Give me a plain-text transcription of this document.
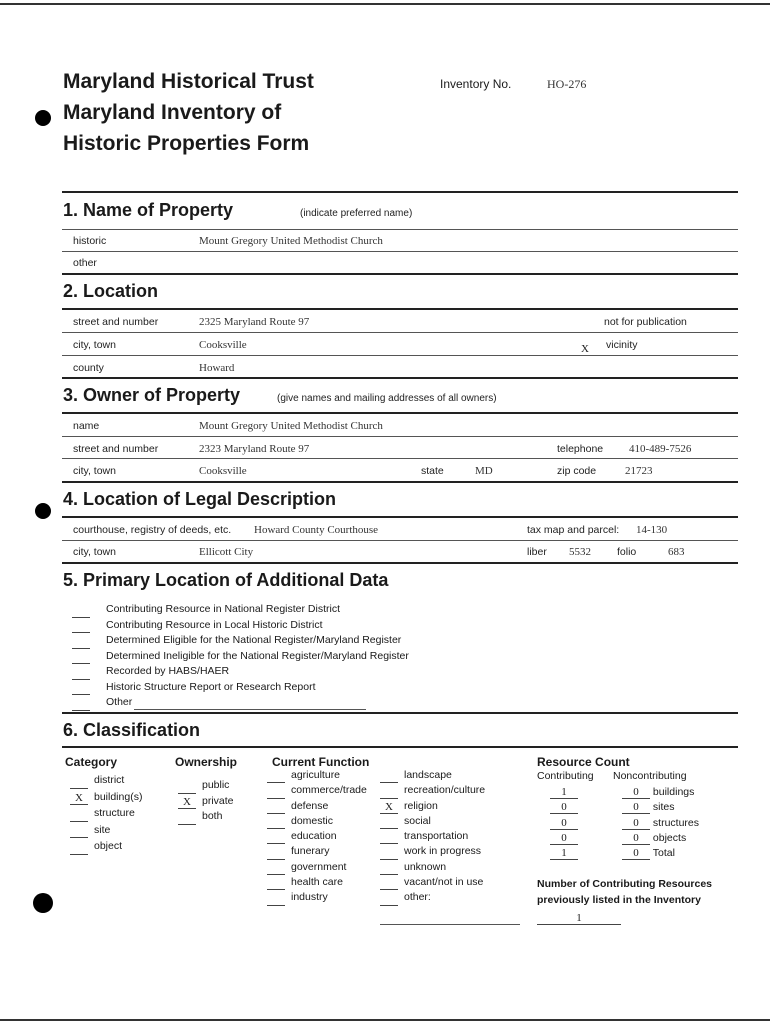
Maryland Historical Trust
Maryland Inventory of
Historic Properties Form
Inventory No.	HO-276
1. Name of Property	(indicate preferred name)
historic	Mount Gregory United Methodist Church
other
2. Location
street and number	2325 Maryland Route 97	not for publication
city, town	Cooksville	X	vicinity
county	Howard
3. Owner of Property	(give names and mailing addresses of all owners)
name	Mount Gregory United Methodist Church
street and number	2323 Maryland Route 97	telephone 410-489-7526
city, town	Cooksville	state	MD	zip code	21723
4. Location of Legal Description
courthouse, registry of deeds, etc. Howard County Courthouse	tax map and parcel: 14-130
city, town	Ellicott City	liber 5532 folio	683
5. Primary Location of Additional Data
Contributing Resource in National Register District
Contributing Resource in Local Historic District
Determined Eligible for the National Register/Maryland Register
Determined Ineligible for the National Register/Maryland Register
Recorded by HABS/HAER
Historic Structure Report or Research Report
Other
6. Classification
Category
district
X building(s)
structure
site
object
Ownership
public
X private
both
Current Function
agriculture
commerce/trade
defense
domestic
education
funerary
government
health care
industry
landscape
recreation/culture
X religion
social
transportation
work in progress
unknown
vacant/not in use
other:
Resource Count
Contributing Noncontributing
1	0 buildings
0	0 sites
0	0 structures
0	0 objects
1	0 Total
Number of Contributing Resources
previously listed in the Inventory
1
